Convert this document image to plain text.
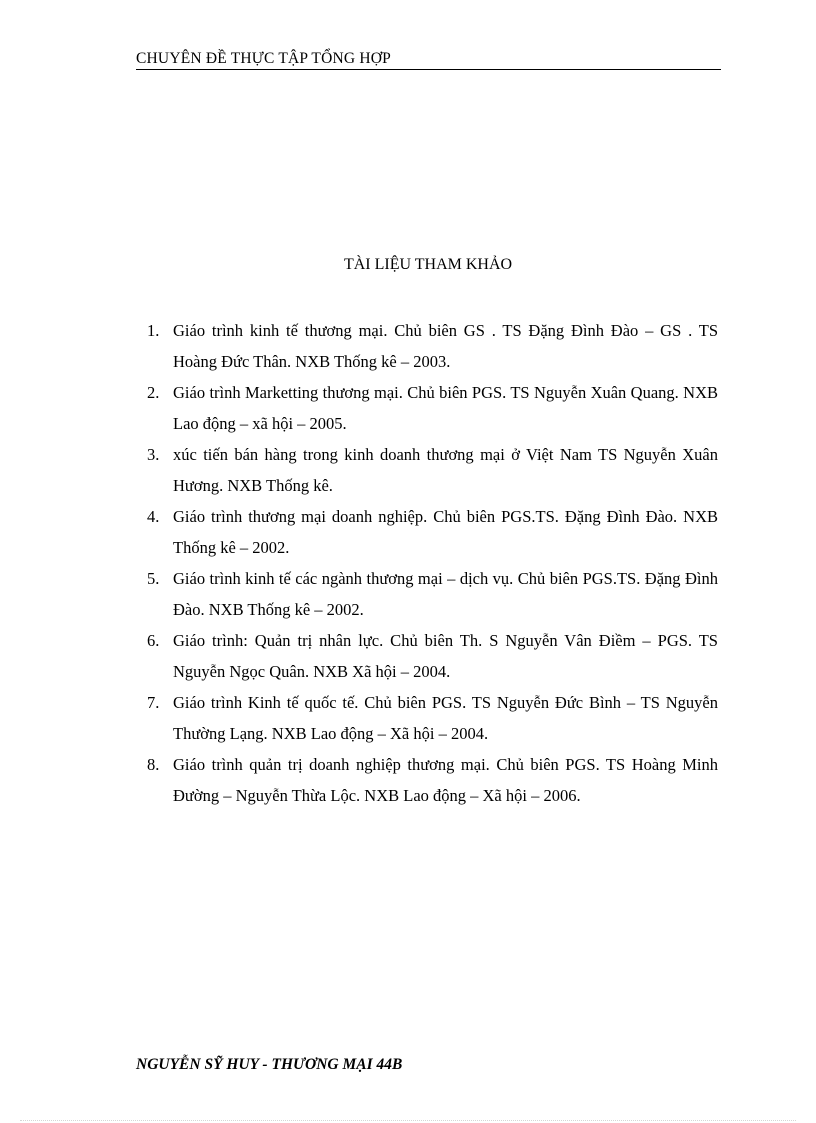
CHUYÊN ĐỀ THỰC TẬP TỔNG HỢP
TÀI LIỆU THAM KHẢO
1. Giáo trình kinh tế thương mại. Chủ biên GS . TS Đặng Đình Đào – GS . TS Hoàng Đức Thân. NXB Thống kê – 2003.
2. Giáo trình Marketting thương mại. Chủ biên PGS. TS Nguyễn Xuân Quang. NXB Lao động – xã hội – 2005.
3. xúc tiến bán hàng trong kinh doanh thương mại ở Việt Nam TS Nguyễn Xuân Hương. NXB Thống kê.
4. Giáo trình thương mại doanh nghiệp. Chủ biên PGS.TS. Đặng Đình Đào. NXB Thống kê – 2002.
5. Giáo trình kinh tế các ngành thương mại – dịch vụ. Chủ biên PGS.TS. Đặng Đình Đào. NXB Thống kê – 2002.
6. Giáo trình: Quản trị nhân lực. Chủ biên Th. S Nguyễn Vân Điềm – PGS. TS Nguyễn Ngọc Quân. NXB Xã hội – 2004.
7. Giáo trình Kinh tế quốc tế. Chủ biên PGS. TS Nguyễn Đức Bình – TS Nguyễn Thường Lạng. NXB Lao động – Xã hội – 2004.
8. Giáo trình quản trị doanh nghiệp thương mại. Chủ biên PGS. TS Hoàng Minh Đường – Nguyễn Thừa Lộc. NXB Lao động – Xã hội – 2006.
NGUYỄN SỸ HUY - THƯƠNG MẠI 44B
